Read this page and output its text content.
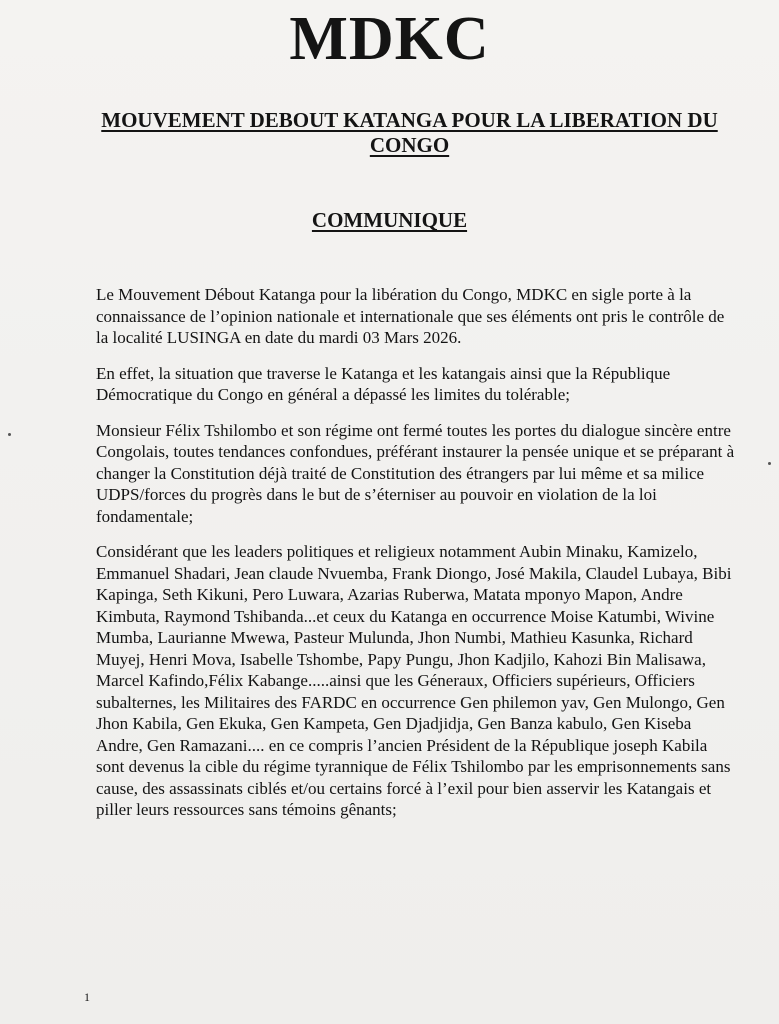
MDKC
MOUVEMENT DEBOUT KATANGA POUR LA LIBERATION DU CONGO
COMMUNIQUE

Le Mouvement Débout Katanga pour la libération du Congo, MDKC en sigle porte à la connaissance de l’opinion nationale et internationale que ses éléments ont pris le contrôle de la localité LUSINGA en date du mardi 03 Mars 2026.

En effet, la situation que traverse le Katanga et les katangais ainsi que la République Démocratique du Congo en général a dépassé les limites du tolérable;

Monsieur Félix Tshilombo et son régime ont fermé toutes les portes du dialogue sincère entre Congolais, toutes tendances confondues, préférant instaurer la pensée unique et se préparant à changer la Constitution déjà traité de Constitution des étrangers par lui même et sa milice UDPS/forces du progrès dans le but de s’éterniser au pouvoir en violation de la loi fondamentale;

Considérant que les leaders politiques et religieux notamment Aubin Minaku, Kamizelo, Emmanuel Shadari, Jean claude Nvuemba, Frank Diongo, José Makila, Claudel Lubaya, Bibi Kapinga, Seth Kikuni, Pero Luwara, Azarias Ruberwa, Matata mponyo Mapon, Andre Kimbuta, Raymond Tshibanda...et ceux du Katanga en occurrence Moise Katumbi, Wivine Mumba, Laurianne Mwewa, Pasteur Mulunda, Jhon Numbi, Mathieu Kasunka, Richard Muyej, Henri Mova, Isabelle Tshombe, Papy Pungu, Jhon Kadjilo, Kahozi Bin Malisawa, Marcel Kafindo,Félix Kabange.....ainsi que les Géneraux, Officiers supérieurs, Officiers subalternes, les Militaires des FARDC en occurrence Gen philemon yav, Gen Mulongo, Gen Jhon Kabila, Gen Ekuka, Gen Kampeta, Gen Djadjidja, Gen Banza kabulo, Gen Kiseba Andre, Gen Ramazani.... en ce compris l’ancien Président de la République joseph Kabila sont devenus la cible du régime tyrannique de Félix Tshilombo par les emprisonnements sans cause, des assassinats ciblés et/ou certains forcé à l’exil pour bien asservir les Katangais et piller leurs ressources sans témoins gênants;

1
